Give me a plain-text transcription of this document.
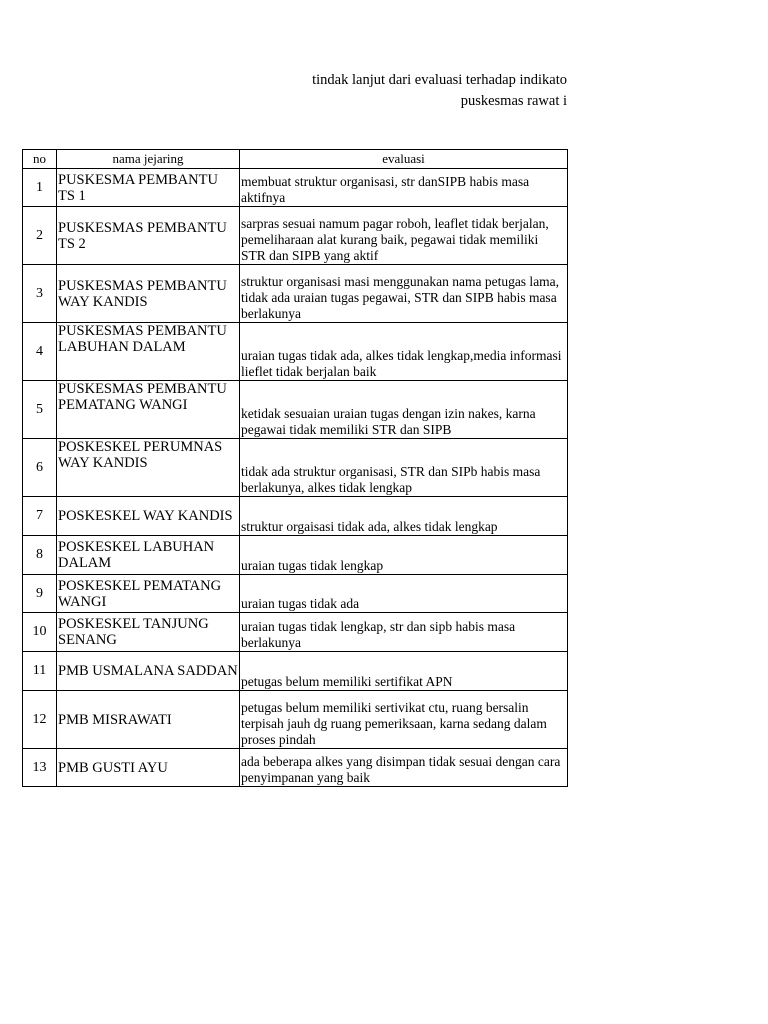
tindak lanjut dari evaluasi terhadap indikato
puskesmas rawat i
no	nama jejaring	evaluasi
1	PUSKESMA PEMBANTU TS 1	membuat struktur organisasi, str danSIPB habis masa aktifnya
2	PUSKESMAS PEMBANTU TS 2	sarpras sesuai namum pagar roboh, leaflet tidak berjalan, pemeliharaan alat kurang baik, pegawai tidak memiliki STR dan SIPB yang aktif
3	PUSKESMAS PEMBANTU WAY KANDIS	struktur organisasi masi menggunakan nama petugas lama, tidak ada uraian tugas pegawai, STR dan SIPB habis masa berlakunya
4	PUSKESMAS PEMBANTU LABUHAN DALAM	uraian tugas tidak ada, alkes tidak lengkap,media informasi lieflet tidak berjalan baik
5	PUSKESMAS PEMBANTU PEMATANG WANGI	ketidak sesuaian uraian tugas dengan izin nakes, karna pegawai tidak memiliki STR dan SIPB
6	POSKESKEL PERUMNAS WAY KANDIS	tidak ada struktur organisasi, STR dan SIPb habis masa berlakunya, alkes tidak lengkap
7	POSKESKEL WAY KANDIS	struktur orgaisasi tidak ada, alkes tidak lengkap
8	POSKESKEL LABUHAN DALAM	uraian tugas tidak lengkap
9	POSKESKEL PEMATANG WANGI	uraian tugas tidak ada
10	POSKESKEL TANJUNG SENANG	uraian tugas tidak lengkap, str dan sipb habis masa berlakunya
11	PMB USMALANA SADDAN	petugas belum memiliki sertifikat APN
12	PMB MISRAWATI	petugas belum memiliki sertivikat ctu, ruang bersalin terpisah jauh dg ruang pemeriksaan, karna sedang dalam proses pindah
13	PMB GUSTI AYU	ada beberapa alkes yang disimpan tidak sesuai dengan cara penyimpanan yang baik
